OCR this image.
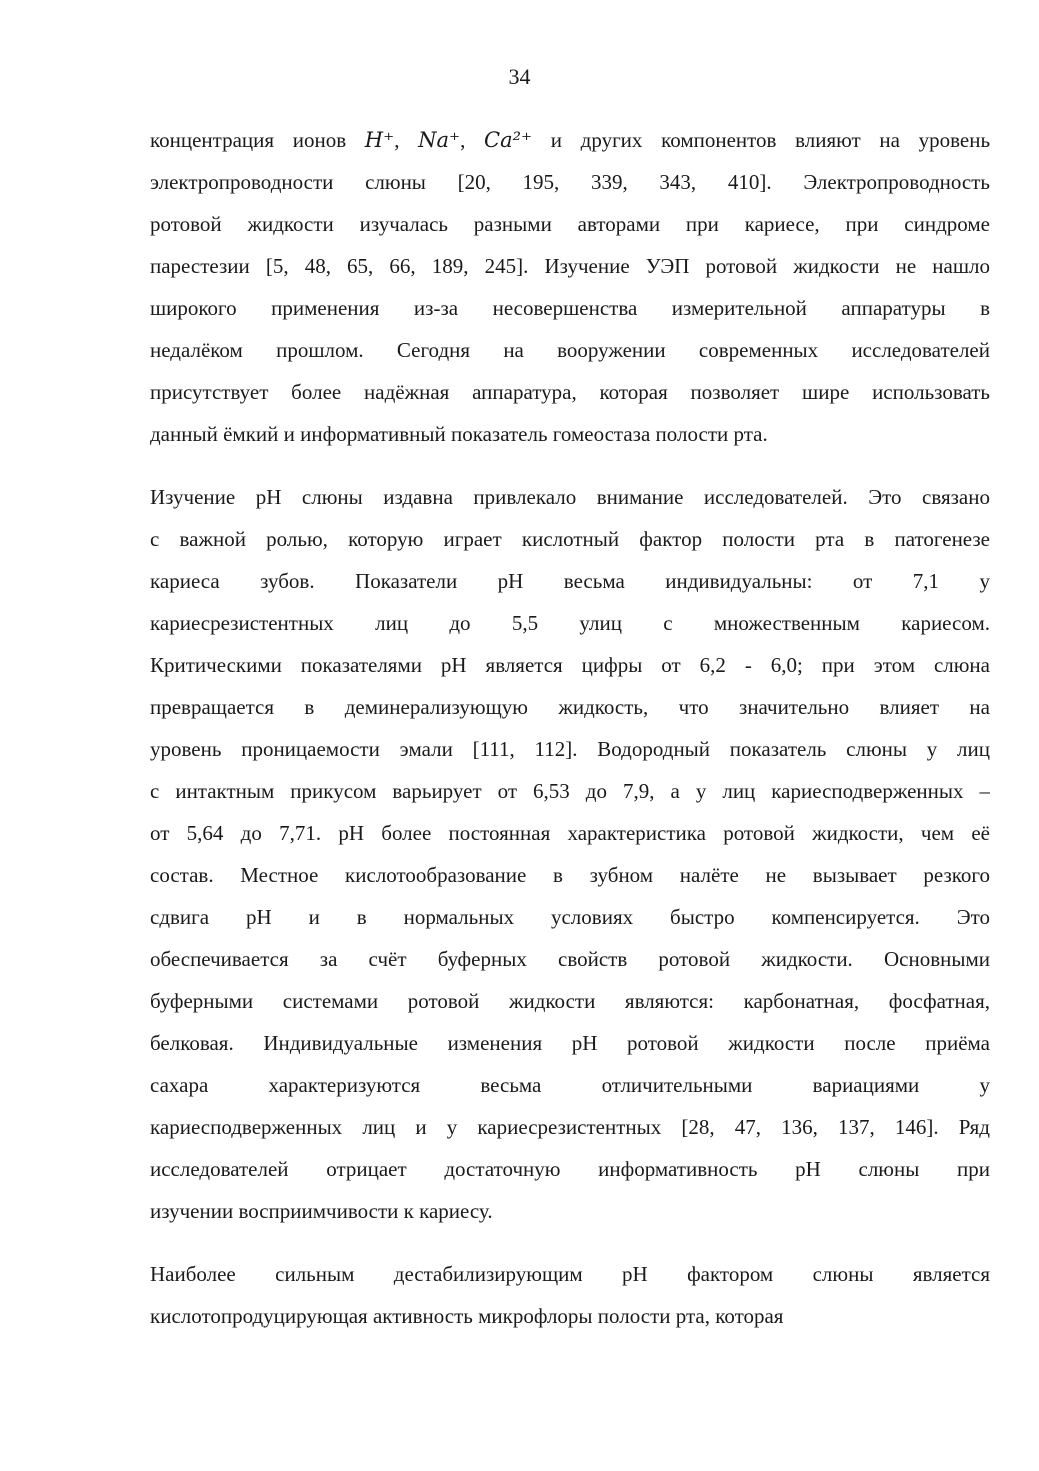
34
концентрация ионов H⁺, Na⁺, Ca²⁺ и других компонентов влияют на уровень
электропроводности слюны [20, 195, 339, 343, 410]. Электропроводность
ротовой жидкости изучалась разными авторами при кариесе, при синдроме
парестезии [5, 48, 65, 66, 189, 245]. Изучение УЭП ротовой жидкости не нашло
широкого применения из-за несовершенства измерительной аппаратуры в
недалёком прошлом. Сегодня на вооружении современных исследователей
присутствует более надёжная аппаратура, которая позволяет шире использовать
данный ёмкий и информативный показатель гомеостаза полости рта.
Изучение pH слюны издавна привлекало внимание исследователей. Это связано
с важной ролью, которую играет кислотный фактор полости рта в патогенезе
кариеса зубов. Показатели pH весьма индивидуальны: от 7,1 у
кариесрезистентных лиц до 5,5 улиц с множественным кариесом.
Критическими показателями pH является цифры от 6,2 - 6,0; при этом слюна
превращается в деминерализующую жидкость, что значительно влияет на
уровень проницаемости эмали [111, 112]. Водородный показатель слюны у лиц
с интактным прикусом варьирует от 6,53 до 7,9, а у лиц кариесподверженных –
от 5,64 до 7,71. pH более постоянная характеристика ротовой жидкости, чем её
состав. Местное кислотообразование в зубном налёте не вызывает резкого
сдвига pH и в нормальных условиях быстро компенсируется. Это
обеспечивается за счёт буферных свойств ротовой жидкости. Основными
буферными системами ротовой жидкости являются: карбонатная, фосфатная,
белковая. Индивидуальные изменения pH ротовой жидкости после приёма
сахара характеризуются весьма отличительными вариациями у
кариесподверженных лиц и у кариесрезистентных [28, 47, 136, 137, 146]. Ряд
исследователей отрицает достаточную информативность pH слюны при
изучении восприимчивости к кариесу.
Наиболее сильным дестабилизирующим pH фактором слюны является
кислотопродуцирующая активность микрофлоры полости рта, которая
